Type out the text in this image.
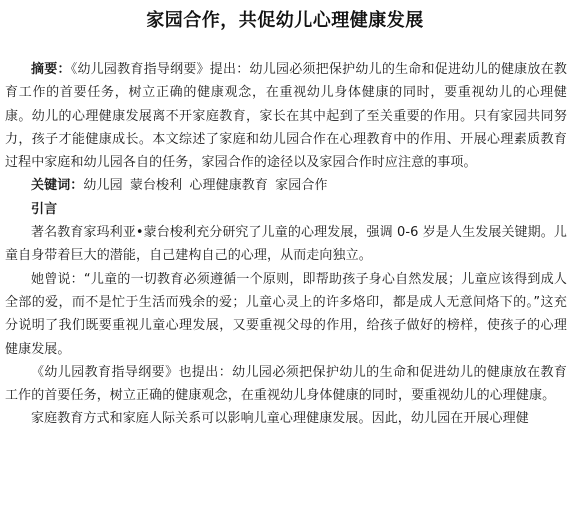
家园合作，共促幼儿心理健康发展

摘要：《幼儿园教育指导纲要》提出：幼儿园必须把保护幼儿的生命和促进幼儿的健康放在教育工作的首要任务，树立正确的健康观念，在重视幼儿身体健康的同时，要重视幼儿的心理健康。幼儿的心理健康发展离不开家庭教育，家长在其中起到了至关重要的作用。只有家园共同努力，孩子才能健康成长。本文综述了家庭和幼儿园合作在心理教育中的作用、开展心理素质教育过程中家庭和幼儿园各自的任务，家园合作的途径以及家园合作时应注意的事项。

关键词：幼儿园 蒙台梭利 心理健康教育 家园合作
引言

著名教育家玛利亚•蒙台梭利充分研究了儿童的心理发展，强调 0-6 岁是人生发展关键期。儿童自身带着巨大的潜能，自己建构自己的心理，从而走向独立。

她曾说：“儿童的一切教育必须遵循一个原则，即帮助孩子身心自然发展；儿童应该得到成人全部的爱，而不是忙于生活而残余的爱；儿童心灵上的许多烙印，都是成人无意间烙下的。”这充分说明了我们既要重视儿童心理发展，又要重视父母的作用，给孩子做好的榜样，使孩子的心理健康发展。

《幼儿园教育指导纲要》也提出：幼儿园必须把保护幼儿的生命和促进幼儿的健康放在教育工作的首要任务，树立正确的健康观念，在重视幼儿身体健康的同时，要重视幼儿的心理健康。

家庭教育方式和家庭人际关系可以影响儿童心理健康发展。因此，幼儿园在开展心理健
